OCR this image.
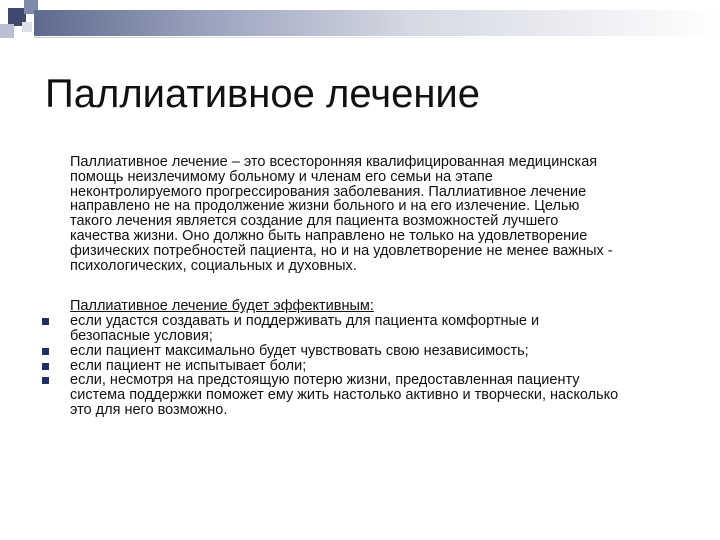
Паллиативное лечение
Паллиативное лечение – это всесторонняя квалифицированная медицинская
помощь неизлечимому больному и членам его семьи на этапе
неконтролируемого прогрессирования заболевания. Паллиативное лечение
направлено не на продолжение жизни больного и на его излечение. Целью
такого лечения является создание для пациента возможностей лучшего
качества жизни. Оно должно быть направлено не только на удовлетворение
физических потребностей пациента, но и на удовлетворение не менее важных -
психологических, социальных и духовных.
Паллиативное лечение будет эффективным:
если удастся создавать и поддерживать для пациента комфортные и
безопасные условия;
если пациент максимально будет чувствовать свою независимость;
если пациент не испытывает боли;
если, несмотря на предстоящую потерю жизни, предоставленная пациенту
система поддержки поможет ему жить настолько активно и творчески, насколько
это для него возможно.
